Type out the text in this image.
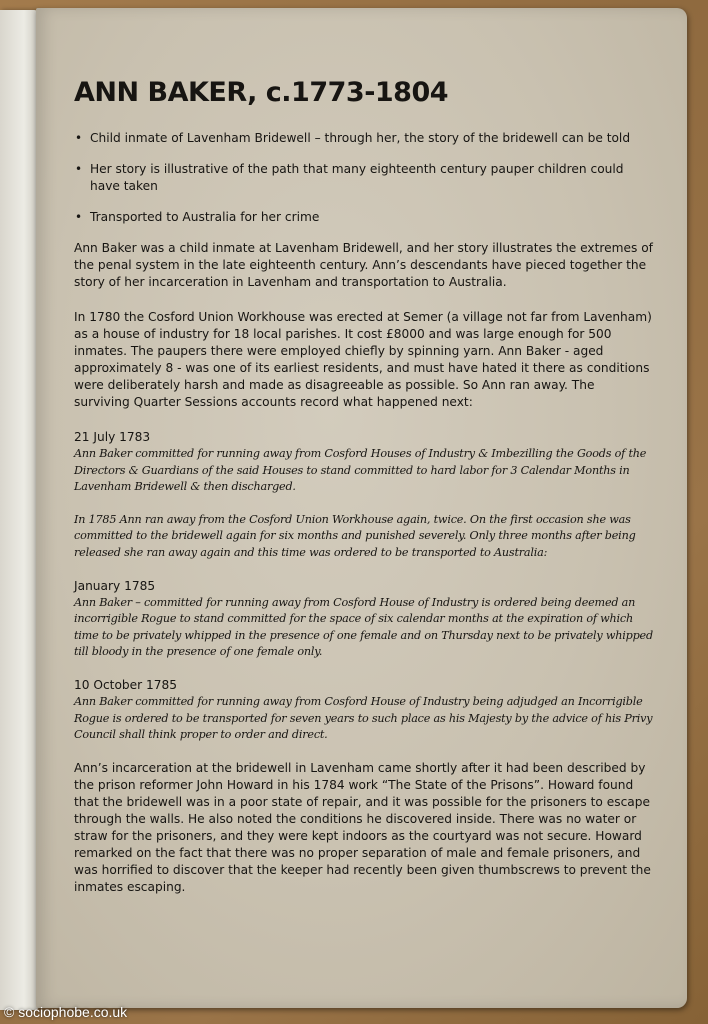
ANN BAKER, c.1773-1804
• Child inmate of Lavenham Bridewell – through her, the story of the bridewell can be told
• Her story is illustrative of the path that many eighteenth century pauper children could have taken
• Transported to Australia for her crime

Ann Baker was a child inmate at Lavenham Bridewell, and her story illustrates the extremes of the penal system in the late eighteenth century. Ann’s descendants have pieced together the story of her incarceration in Lavenham and transportation to Australia.

In 1780 the Cosford Union Workhouse was erected at Semer (a village not far from Lavenham) as a house of industry for 18 local parishes. It cost £8000 and was large enough for 500 inmates. The paupers there were employed chiefly by spinning yarn. Ann Baker - aged approximately 8 - was one of its earliest residents, and must have hated it there as conditions were deliberately harsh and made as disagreeable as possible. So Ann ran away. The surviving Quarter Sessions accounts record what happened next:

21 July 1783

Ann Baker committed for running away from Cosford Houses of Industry & Imbezilling the Goods of the Directors & Guardians of the said Houses to stand committed to hard labor for 3 Calendar Months in Lavenham Bridewell & then discharged.

In 1785 Ann ran away from the Cosford Union Workhouse again, twice. On the first occasion she was committed to the bridewell again for six months and punished severely. Only three months after being released she ran away again and this time was ordered to be transported to Australia:

January 1785

Ann Baker – committed for running away from Cosford House of Industry is ordered being deemed an incorrigible Rogue to stand committed for the space of six calendar months at the expiration of which time to be privately whipped in the presence of one female and on Thursday next to be privately whipped till bloody in the presence of one female only.

10 October 1785

Ann Baker committed for running away from Cosford House of Industry being adjudged an Incorrigible Rogue is ordered to be transported for seven years to such place as his Majesty by the advice of his Privy Council shall think proper to order and direct.

Ann’s incarceration at the bridewell in Lavenham came shortly after it had been described by the prison reformer John Howard in his 1784 work “The State of the Prisons”. Howard found that the bridewell was in a poor state of repair, and it was possible for the prisoners to escape through the walls. He also noted the conditions he discovered inside. There was no water or straw for the prisoners, and they were kept indoors as the courtyard was not secure. Howard remarked on the fact that there was no proper separation of male and female prisoners, and was horrified to discover that the keeper had recently been given thumbscrews to prevent the inmates escaping.

© sociophobe.co.uk
